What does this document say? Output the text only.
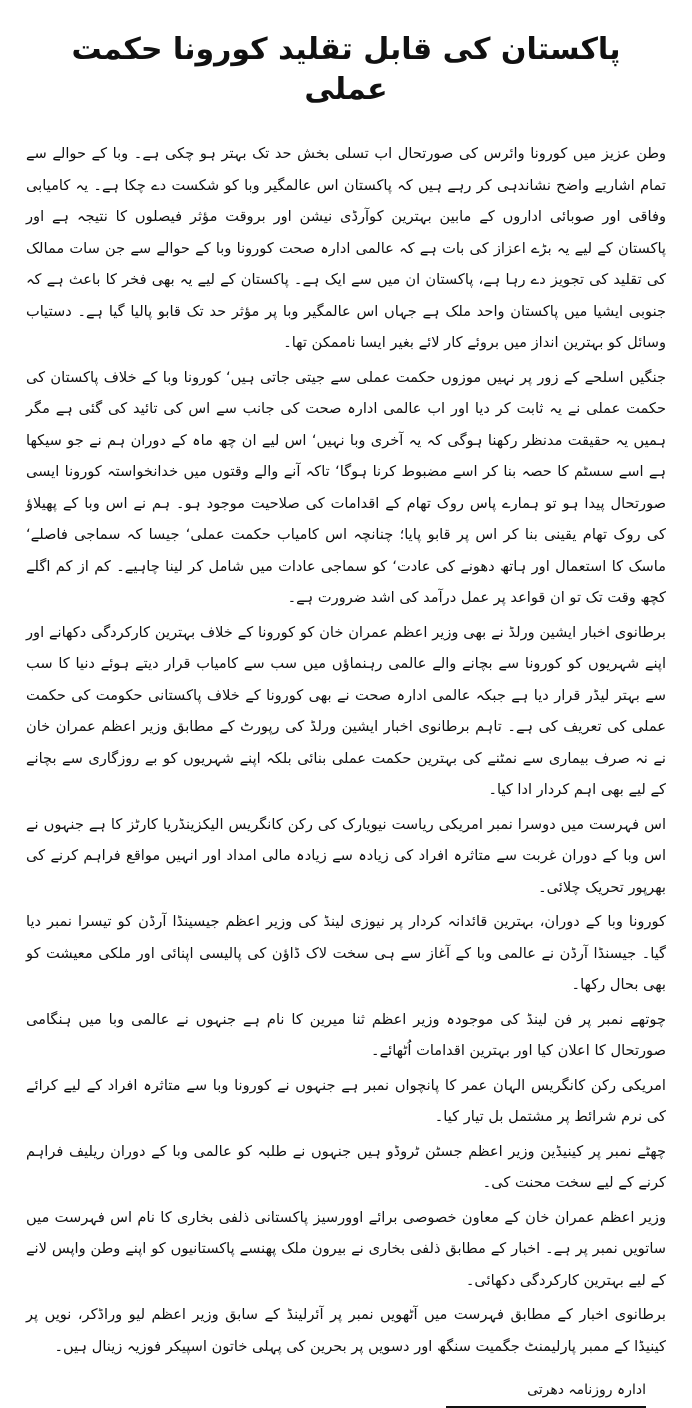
پاکستان کی قابل تقلید کورونا حکمت عملی

وطن عزیز میں کورونا وائرس کی صورتحال اب تسلی بخش حد تک بہتر ہو چکی ہے۔ وبا کے حوالے سے تمام اشاریے واضح نشاندہی کر رہے ہیں کہ پاکستان اس عالمگیر وبا کو شکست دے چکا ہے۔ یہ کامیابی وفاقی اور صوبائی اداروں کے مابین بہترین کوآرڈی نیشن اور بروقت مؤثر فیصلوں کا نتیجہ ہے اور پاکستان کے لیے یہ بڑے اعزاز کی بات ہے کہ عالمی ادارہ صحت کورونا وبا کے حوالے سے جن سات ممالک کی تقلید کی تجویز دے رہا ہے، پاکستان ان میں سے ایک ہے۔ پاکستان کے لیے یہ بھی فخر کا باعث ہے کہ جنوبی ایشیا میں پاکستان واحد ملک ہے جہاں اس عالمگیر وبا پر مؤثر حد تک قابو پالیا گیا ہے۔ دستیاب وسائل کو بہترین انداز میں بروئے کار لائے بغیر ایسا ناممکن تھا۔

جنگیں اسلحے کے زور پر نہیں موزوں حکمت عملی سے جیتی جاتی ہیں‘ کورونا وبا کے خلاف پاکستان کی حکمت عملی نے یہ ثابت کر دیا اور اب عالمی ادارہ صحت کی جانب سے اس کی تائید کی گئی ہے مگر ہمیں یہ حقیقت مدنظر رکھنا ہوگی کہ یہ آخری وبا نہیں‘ اس لیے ان چھ ماہ کے دوران ہم نے جو سیکھا ہے اسے سسٹم کا حصہ بنا کر اسے مضبوط کرنا ہوگا‘ تاکہ آنے والے وقتوں میں خدانخواستہ کورونا ایسی صورتحال پیدا ہو تو ہمارے پاس روک تھام کے اقدامات کی صلاحیت موجود ہو۔ ہم نے اس وبا کے پھیلاؤ کی روک تھام یقینی بنا کر اس پر قابو پایا؛ چنانچہ اس کامیاب حکمت عملی‘ جیسا کہ سماجی فاصلے‘ ماسک کا استعمال اور ہاتھ دھونے کی عادت‘ کو سماجی عادات میں شامل کر لینا چاہیے۔ کم از کم اگلے کچھ وقت تک تو ان قواعد پر عمل درآمد کی اشد ضرورت ہے۔

برطانوی اخبار ایشین ورلڈ نے بھی وزیر اعظم عمران خان کو کورونا کے خلاف بہترین کارکردگی دکھانے اور اپنے شہریوں کو کورونا سے بچانے والے عالمی رہنماؤں میں سب سے کامیاب قرار دیتے ہوئے دنیا کا سب سے بہتر لیڈر قرار دیا ہے جبکہ عالمی ادارہ صحت نے بھی کورونا کے خلاف پاکستانی حکومت کی حکمت عملی کی تعریف کی ہے۔ تاہم برطانوی اخبار ایشین ورلڈ کی رپورٹ کے مطابق وزیر اعظم عمران خان نے نہ صرف بیماری سے نمٹنے کی بہترین حکمت عملی بنائی بلکہ اپنے شہریوں کو بے روزگاری سے بچانے کے لیے بھی اہم کردار ادا کیا۔

اس فہرست میں دوسرا نمبر امریکی ریاست نیویارک کی رکن کانگریس الیکزینڈریا کارٹز کا ہے جنہوں نے اس وبا کے دوران غربت سے متاثرہ افراد کی زیادہ سے زیادہ مالی امداد اور انہیں مواقع فراہم کرنے کی بھرپور تحریک چلائی۔

کورونا وبا کے دوران، بہترین قائدانہ کردار پر نیوزی لینڈ کی وزیر اعظم جیسینڈا آرڈن کو تیسرا نمبر دیا گیا۔ جیسنڈا آرڈن نے عالمی وبا کے آغاز سے ہی سخت لاک ڈاؤن کی پالیسی اپنائی اور ملکی معیشت کو بھی بحال رکھا۔

چوتھے نمبر پر فن لینڈ کی موجودہ وزیر اعظم ثنا میرین کا نام ہے جنہوں نے عالمی وبا میں ہنگامی صورتحال کا اعلان کیا اور بہترین اقدامات اُٹھائے۔

امریکی رکن کانگریس الہان عمر کا پانچواں نمبر ہے جنہوں نے کورونا وبا سے متاثرہ افراد کے لیے کرائے کی نرم شرائط پر مشتمل بل تیار کیا۔

چھٹے نمبر پر کینیڈین وزیر اعظم جسٹن ٹروڈو ہیں جنہوں نے طلبہ کو عالمی وبا کے دوران ریلیف فراہم کرنے کے لیے سخت محنت کی۔

وزیر اعظم عمران خان کے معاون خصوصی برائے اوورسیز پاکستانی ذلفی بخاری کا نام اس فہرست میں ساتویں نمبر پر ہے۔ اخبار کے مطابق ذلفی بخاری نے بیرون ملک پھنسے پاکستانیوں کو اپنے وطن واپس لانے کے لیے بہترین کارکردگی دکھائی۔

برطانوی اخبار کے مطابق فہرست میں آٹھویں نمبر پر آئرلینڈ کے سابق وزیر اعظم لیو وراڈکر، نویں پر کینیڈا کے ممبر پارلیمنٹ جگمیت سنگھ اور دسویں پر بحرین کی پہلی خاتون اسپیکر فوزیہ زینال ہیں۔

ادارہ روزنامہ دھرتی
